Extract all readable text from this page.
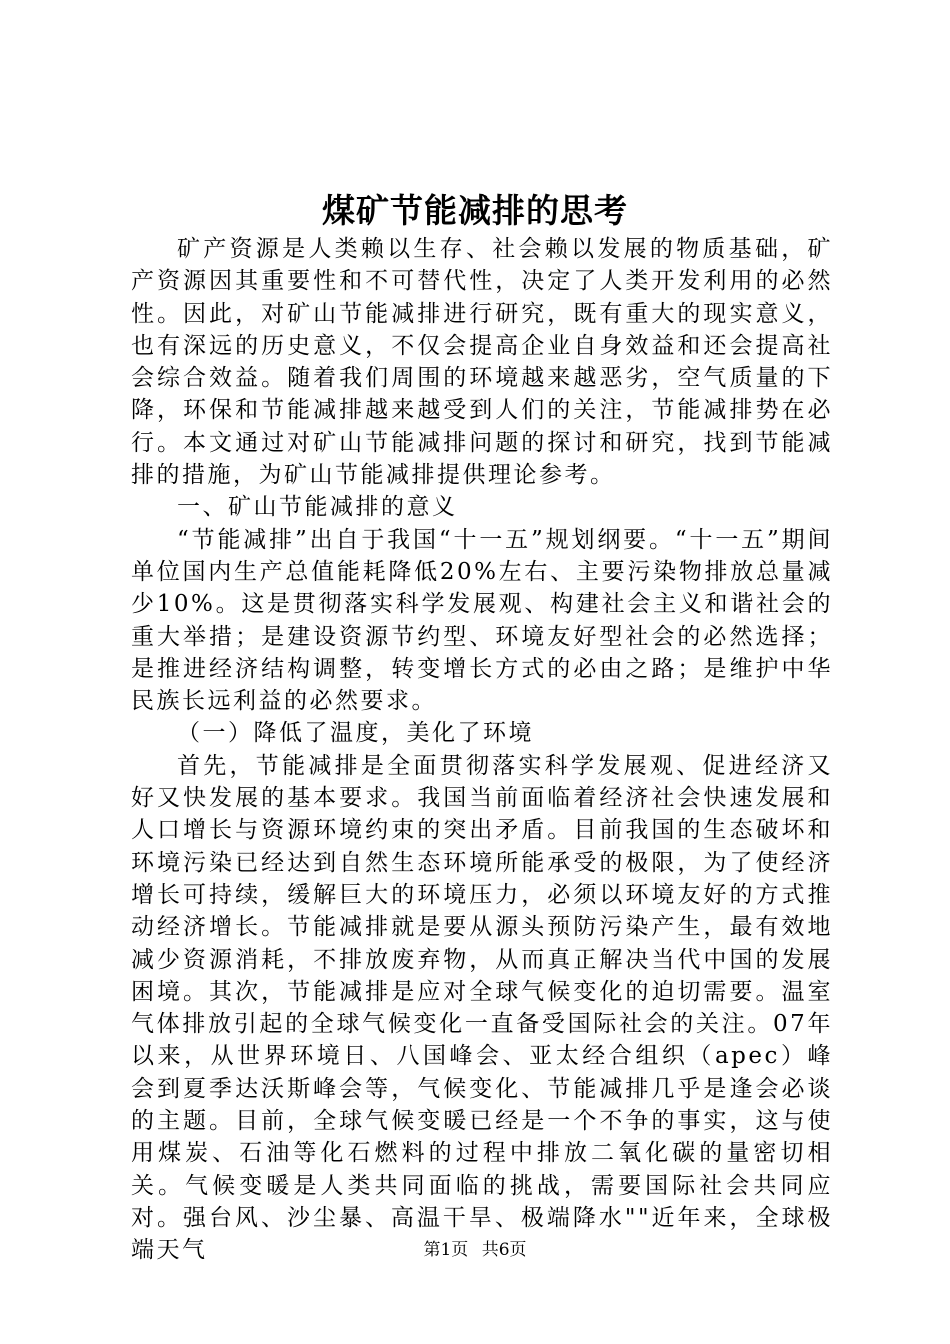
煤矿节能减排的思考

矿产资源是人类赖以生存、社会赖以发展的物质基础，矿产资源因其重要性和不可替代性，决定了人类开发利用的必然性。因此，对矿山节能减排进行研究，既有重大的现实意义，也有深远的历史意义，不仅会提高企业自身效益和还会提高社会综合效益。随着我们周围的环境越来越恶劣，空气质量的下降，环保和节能减排越来越受到人们的关注，节能减排势在必行。本文通过对矿山节能减排问题的探讨和研究，找到节能减排的措施，为矿山节能减排提供理论参考。

一、矿山节能减排的意义

“节能减排”出自于我国“十一五”规划纲要。“十一五”期间单位国内生产总值能耗降低20%左右、主要污染物排放总量减少10%。这是贯彻落实科学发展观、构建社会主义和谐社会的重大举措；是建设资源节约型、环境友好型社会的必然选择；是推进经济结构调整，转变增长方式的必由之路；是维护中华民族长远利益的必然要求。

（一）降低了温度，美化了环境

首先，节能减排是全面贯彻落实科学发展观、促进经济又好又快发展的基本要求。我国当前面临着经济社会快速发展和人口增长与资源环境约束的突出矛盾。目前我国的生态破坏和环境污染已经达到自然生态环境所能承受的极限，为了使经济增长可持续，缓解巨大的环境压力，必须以环境友好的方式推动经济增长。节能减排就是要从源头预防污染产生，最有效地减少资源消耗，不排放废弃物，从而真正解决当代中国的发展困境。其次，节能减排是应对全球气候变化的迫切需要。温室气体排放引起的全球气候变化一直备受国际社会的关注。07年以来，从世界环境日、八国峰会、亚太经合组织（apec）峰会到夏季达沃斯峰会等，气候变化、节能减排几乎是逢会必谈的主题。目前，全球气候变暖已经是一个不争的事实，这与使用煤炭、石油等化石燃料的过程中排放二氧化碳的量密切相关。气候变暖是人类共同面临的挑战，需要国际社会共同应对。强台风、沙尘暴、高温干旱、极端降水""近年来，全球极端天气	第1页 共6页
